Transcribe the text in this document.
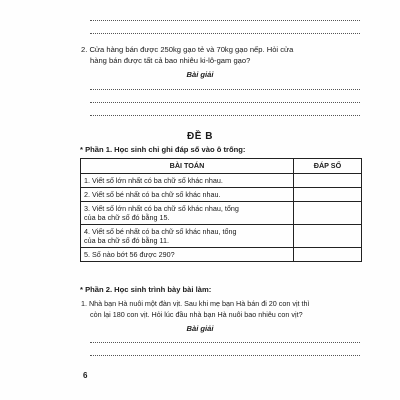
2. Cửa hàng bán được 250kg gạo tẻ và 70kg gạo nếp. Hỏi cửa
hàng bán được tất cả bao nhiêu ki-lô-gam gạo?
Bài giải
ĐỀ B
* Phần 1. Học sinh chỉ ghi đáp số vào ô trống:
BÀI TOÁN	ĐÁP SỐ
1. Viết số lớn nhất có ba chữ số khác nhau.	
2. Viết số bé nhất có ba chữ số khác nhau.	
3. Viết số lớn nhất có ba chữ số khác nhau, tổng
của ba chữ số đó bằng 15.	
4. Viết số bé nhất có ba chữ số khác nhau, tổng
của ba chữ số đó bằng 11.	
5. Số nào bớt 56 được 290?	
* Phần 2. Học sinh trình bày bài làm:
1. Nhà bạn Hà nuôi một đàn vịt. Sau khi mẹ bạn Hà bán đi 20 con vịt thì
còn lại 180 con vịt. Hỏi lúc đầu nhà bạn Hà nuôi bao nhiêu con vịt?
Bài giải
6
